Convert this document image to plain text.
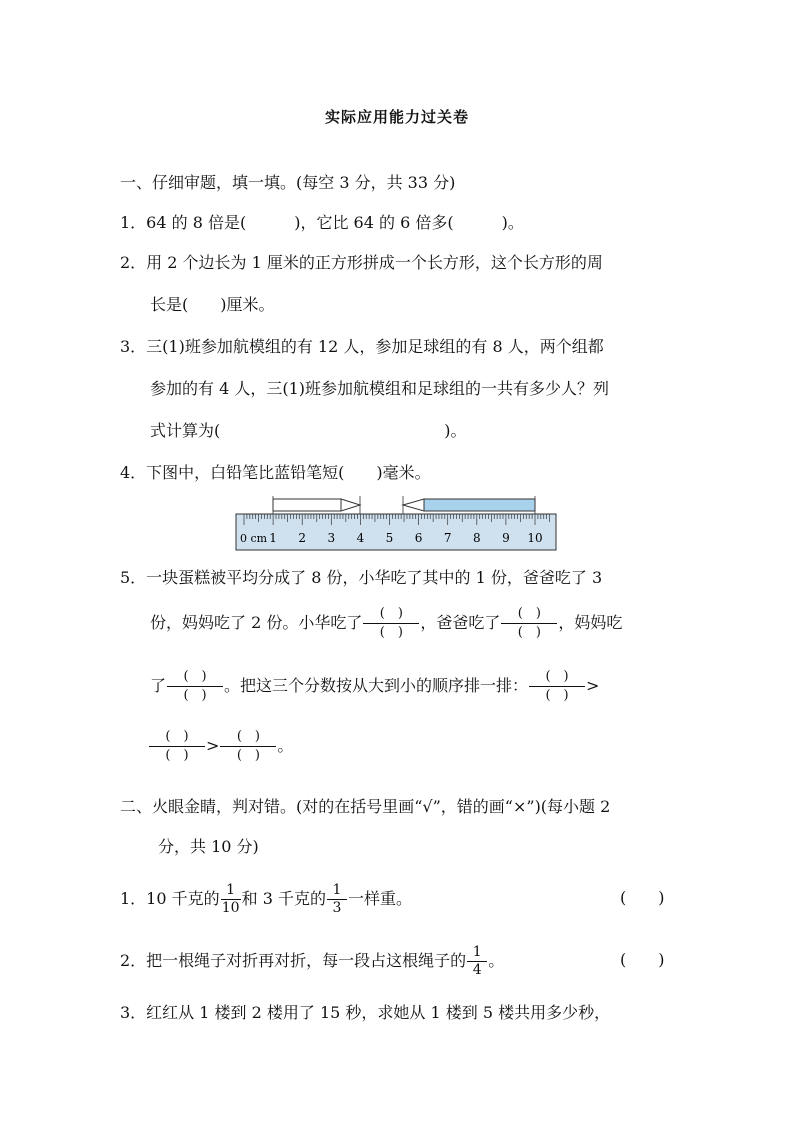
实际应用能力过关卷
一、仔细审题，填一填。(每空 3 分，共 33 分)
1．64 的 8 倍是(　　　)，它比 64 的 6 倍多(　　　)。
2．用 2 个边长为 1 厘米的正方形拼成一个长方形，这个长方形的周
长是(　　)厘米。
3．三(1)班参加航模组的有 12 人，参加足球组的有 8 人，两个组都
参加的有 4 人，三(1)班参加航模组和足球组的一共有多少人？列
式计算为(　　　　　　　　　　　　　　)。
4．下图中，白铅笔比蓝铅笔短(　　)毫米。
0 cm 1 2 3 4 5 6 7 8 9 10
5．一块蛋糕被平均分成了 8 份，小华吃了其中的 1 份，爸爸吃了 3
份，妈妈吃了 2 份。小华吃了 $\frac{( )}{( )}$ ，爸爸吃了 $\frac{( )}{( )}$ ，妈妈吃
了 $\frac{( )}{( )}$ 。把这三个分数按从大到小的顺序排一排： $\frac{( )}{( )}$ >
$\frac{( )}{( )} > \frac{( )}{( )}$ 。
二、火眼金睛，判对错。(对的在括号里画“√”，错的画“×”)(每小题 2
分，共 10 分)
1．10 千克的 $\frac{1}{10}$ 和 3 千克的 $\frac{1}{3}$ 一样重。	(　　)
2．把一根绳子对折再对折，每一段占这根绳子的 $\frac{1}{4}$ 。	(　　)
3．红红从 1 楼到 2 楼用了 15 秒，求她从 1 楼到 5 楼共用多少秒，
